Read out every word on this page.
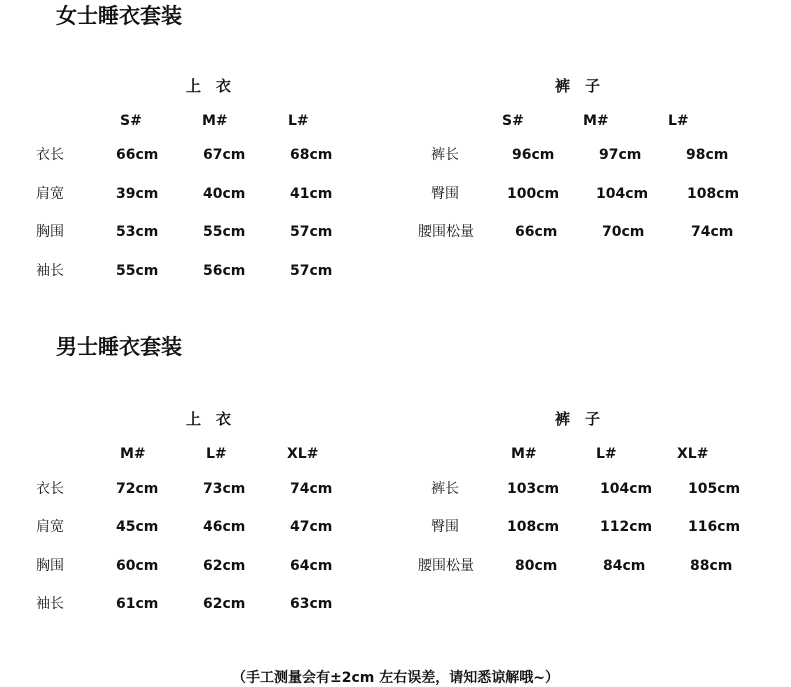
女士睡衣套装
上　衣
S#	M#	L#
衣长	66cm	67cm	68cm
肩宽	39cm	40cm	41cm
胸围	53cm	55cm	57cm
袖长	55cm	56cm	57cm
裤　子
S#	M#	L#
裤长	96cm	97cm	98cm
臀围	100cm	104cm	108cm
腰围松量	66cm	70cm	74cm
男士睡衣套装
上　衣
M#	L#	XL#
衣长	72cm	73cm	74cm
肩宽	45cm	46cm	47cm
胸围	60cm	62cm	64cm
袖长	61cm	62cm	63cm
裤　子
M#	L#	XL#
裤长	103cm	104cm	105cm
臀围	108cm	112cm	116cm
腰围松量	80cm	84cm	88cm
（手工测量会有±2cm 左右误差，请知悉谅解哦~）
